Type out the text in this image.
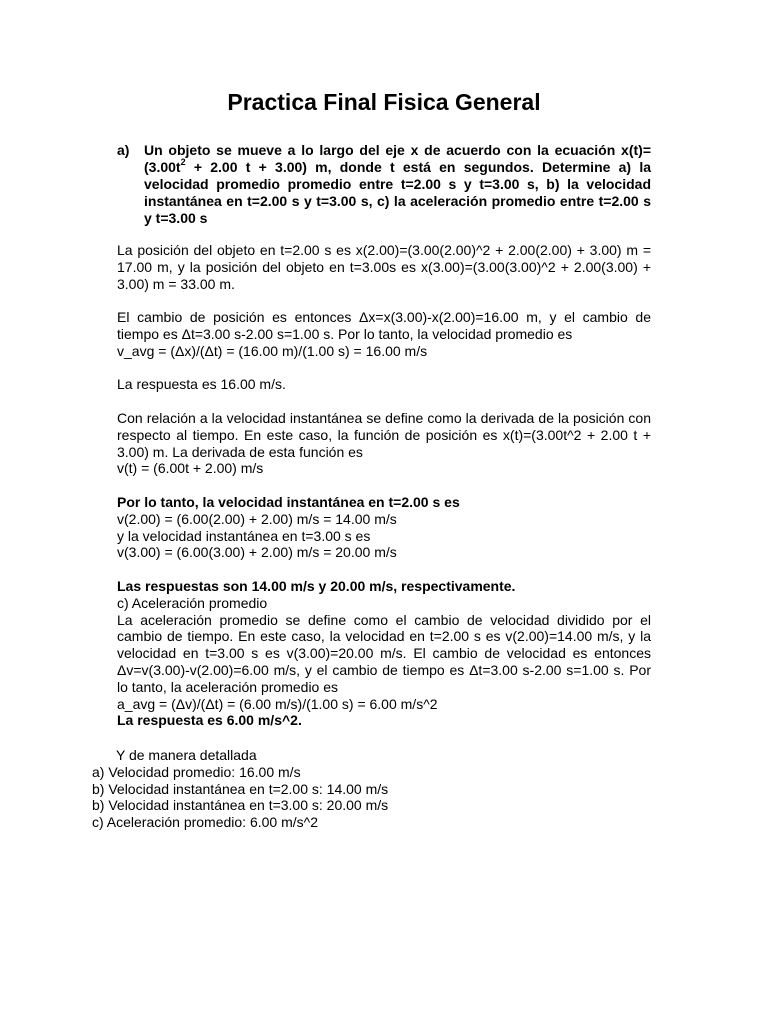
Practica Final Fisica General
a) Un objeto se mueve a lo largo del eje x de acuerdo con la ecuación $x(t)=(3.00t^2 + 2.00$ t + 3.00) m, donde t está en segundos. Determine a) la velocidad promedio promedio entre t=2.00 s y t=3.00 s, b) la velocidad instantánea en t=2.00 s y t=3.00 s, c) la aceleración promedio entre t=2.00 s y t=3.00 s
La posición del objeto en t=2.00 s es x(2.00)=(3.00(2.00)^2 + 2.00(2.00) + 3.00) m = 17.00 m, y la posición del objeto en t=3.00s es x(3.00)=(3.00(3.00)^2 + 2.00(3.00) + 3.00) m = 33.00 m.
El cambio de posición es entonces Δx=x(3.00)-x(2.00)=16.00 m, y el cambio de tiempo es Δt=3.00 s-2.00 s=1.00 s. Por lo tanto, la velocidad promedio es
v_avg = (Δx)/(Δt) = (16.00 m)/(1.00 s) = 16.00 m/s
La respuesta es 16.00 m/s.
Con relación a la velocidad instantánea se define como la derivada de la posición con respecto al tiempo. En este caso, la función de posición es x(t)=(3.00t^2 + 2.00 t + 3.00) m. La derivada de esta función es
v(t) = (6.00t + 2.00) m/s
Por lo tanto, la velocidad instantánea en t=2.00 s es
v(2.00) = (6.00(2.00) + 2.00) m/s = 14.00 m/s
y la velocidad instantánea en t=3.00 s es
v(3.00) = (6.00(3.00) + 2.00) m/s = 20.00 m/s
Las respuestas son 14.00 m/s y 20.00 m/s, respectivamente.
c) Aceleración promedio
La aceleración promedio se define como el cambio de velocidad dividido por el cambio de tiempo. En este caso, la velocidad en t=2.00 s es v(2.00)=14.00 m/s, y la velocidad en t=3.00 s es v(3.00)=20.00 m/s. El cambio de velocidad es entonces Δv=v(3.00)-v(2.00)=6.00 m/s, y el cambio de tiempo es Δt=3.00 s-2.00 s=1.00 s. Por lo tanto, la aceleración promedio es
a_avg = (Δv)/(Δt) = (6.00 m/s)/(1.00 s) = 6.00 m/s^2
La respuesta es 6.00 m/s^2.
Y de manera detallada
a) Velocidad promedio: 16.00 m/s
b) Velocidad instantánea en t=2.00 s: 14.00 m/s
b) Velocidad instantánea en t=3.00 s: 20.00 m/s
c) Aceleración promedio: 6.00 m/s^2
